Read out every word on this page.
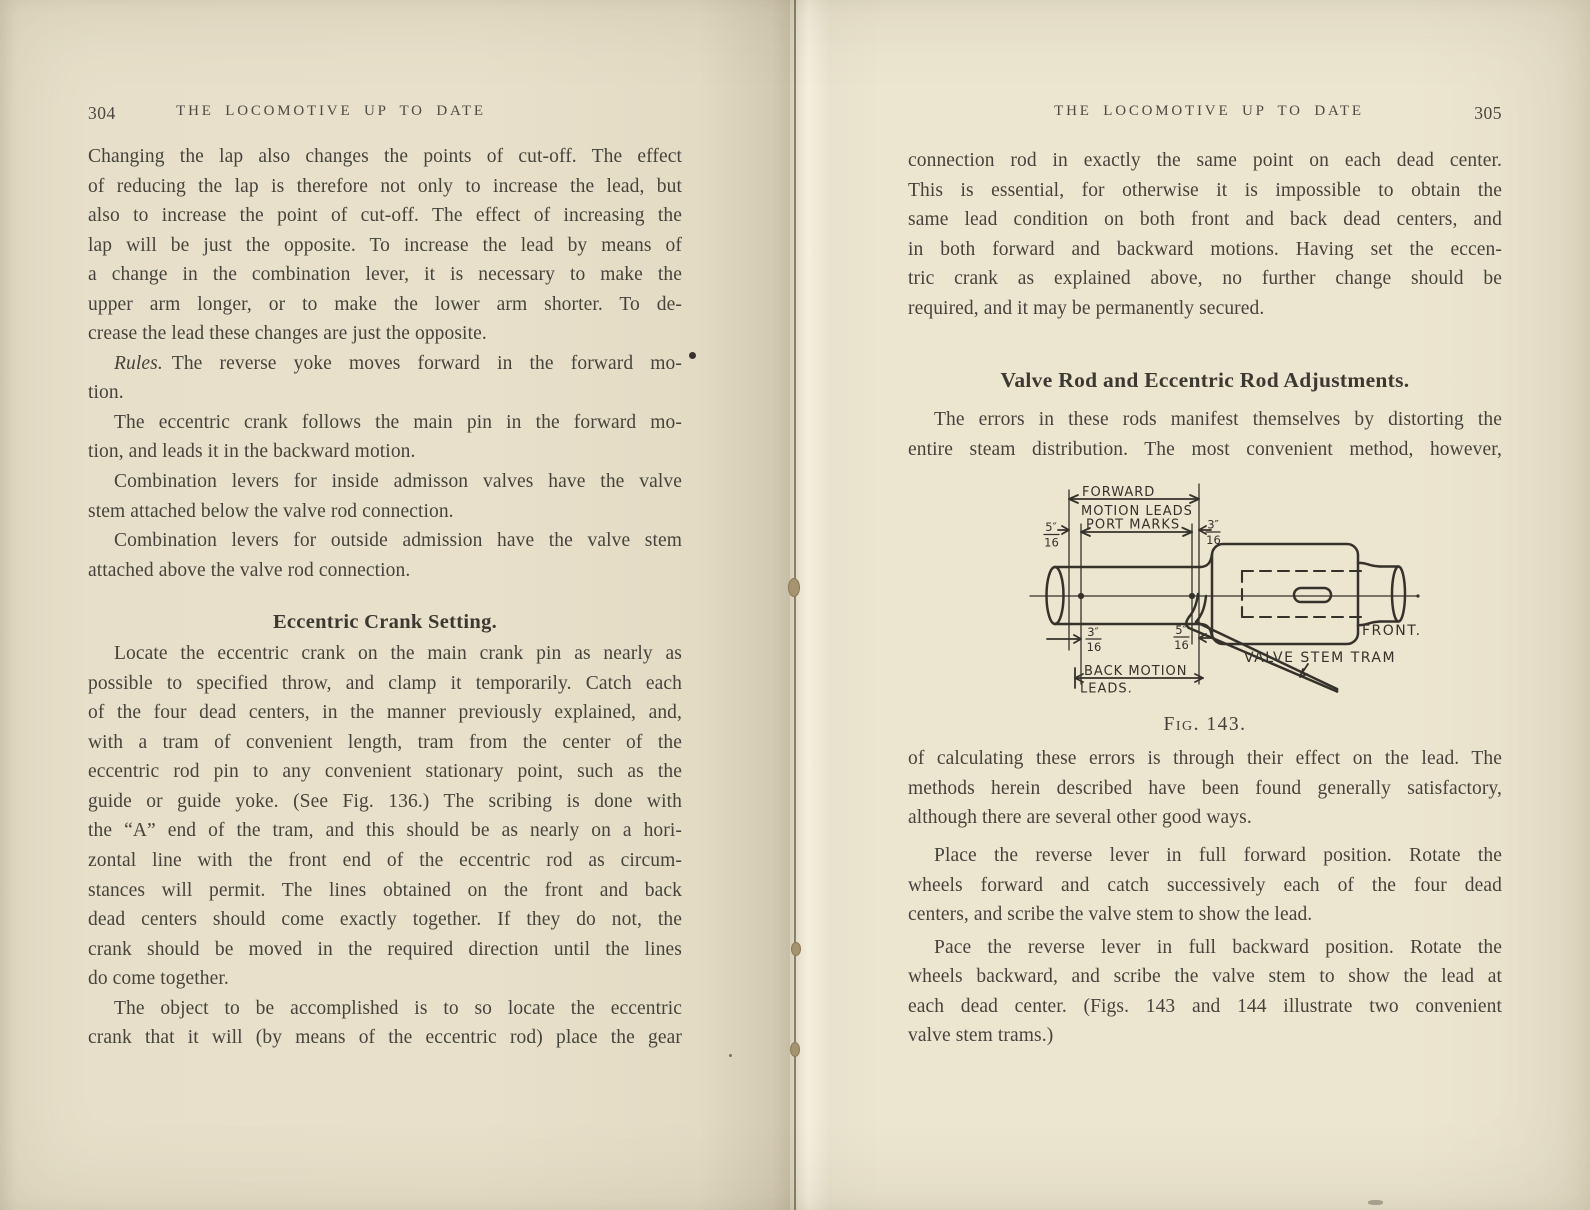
304	THE LOCOMOTIVE UP TO DATE
Changing the lap also changes the points of cut-off. The effect
of reducing the lap is therefore not only to increase the lead, but
also to increase the point of cut-off. The effect of increasing the
lap will be just the opposite. To increase the lead by means of
a change in the combination lever, it is necessary to make the
upper arm longer, or to make the lower arm shorter. To de-
crease the lead these changes are just the opposite.
Rules. The reverse yoke moves forward in the forward mo-
tion.
The eccentric crank follows the main pin in the forward mo-
tion, and leads it in the backward motion.
Combination levers for inside admisson valves have the valve
stem attached below the valve rod connection.
Combination levers for outside admission have the valve stem
attached above the valve rod connection.
Eccentric Crank Setting.
Locate the eccentric crank on the main crank pin as nearly as
possible to specified throw, and clamp it temporarily. Catch each
of the four dead centers, in the manner previously explained, and,
with a tram of convenient length, tram from the center of the
eccentric rod pin to any convenient stationary point, such as the
guide or guide yoke. (See Fig. 136.) The scribing is done with
the “A” end of the tram, and this should be as nearly on a hori-
zontal line with the front end of the eccentric rod as circum-
stances will permit. The lines obtained on the front and back
dead centers should come exactly together. If they do not, the
crank should be moved in the required direction until the lines
do come together.
The object to be accomplished is to so locate the eccentric
crank that it will (by means of the eccentric rod) place the gear
THE LOCOMOTIVE UP TO DATE	305
connection rod in exactly the same point on each dead center.
This is essential, for otherwise it is impossible to obtain the
same lead condition on both front and back dead centers, and
in both forward and backward motions. Having set the eccen-
tric crank as explained above, no further change should be
required, and it may be permanently secured.
Valve Rod and Eccentric Rod Adjustments.
The errors in these rods manifest themselves by distorting the
entire steam distribution. The most convenient method, however,
FORWARD
MOTION LEADS
PORT MARKS.
BACK MOTION
LEADS.
FRONT.
VALVE STEM TRAM
5″
16
3″
16
3″
16
5″
16
Fig. 143.
of calculating these errors is through their effect on the lead. The
methods herein described have been found generally satisfactory,
although there are several other good ways.
Place the reverse lever in full forward position. Rotate the
wheels forward and catch successively each of the four dead
centers, and scribe the valve stem to show the lead.
Pace the reverse lever in full backward position. Rotate the
wheels backward, and scribe the valve stem to show the lead at
each dead center. (Figs. 143 and 144 illustrate two convenient
valve stem trams.)
